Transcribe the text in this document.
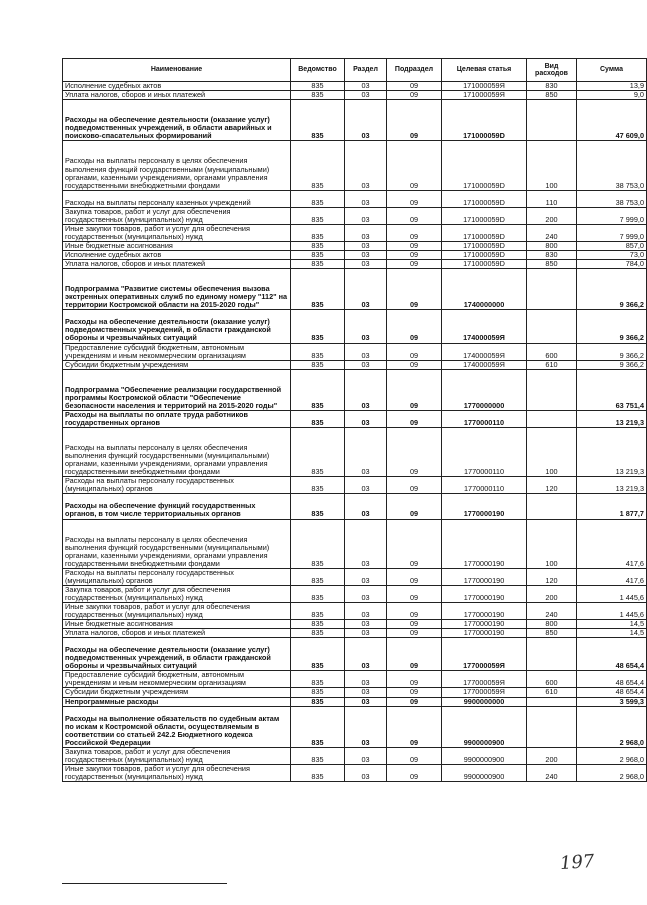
Наименование	Ведомство	Раздел	Подраздел	Целевая статья	Вид расходов	Сумма
Исполнение судебных актов	835	03	09	171000059Я	830	13,9
Уплата налогов, сборов и иных платежей	835	03	09	171000059Я	850	9,0
Расходы на обеспечение деятельности (оказание услуг) подведомственных учреждений, в области аварийных и поисково-спасательных формирований	835	03	09	171000059D		47 609,0
Расходы на выплаты персоналу в целях обеспечения выполнения функций государственными (муниципальными) органами, казенными учреждениями, органами управления государственными внебюджетными фондами	835	03	09	171000059D	100	38 753,0
Расходы на выплаты персоналу казенных учреждений	835	03	09	171000059D	110	38 753,0
Закупка товаров, работ и услуг для обеспечения государственных (муниципальных) нужд	835	03	09	171000059D	200	7 999,0
Иные закупки товаров, работ и услуг для обеспечения государственных (муниципальных) нужд	835	03	09	171000059D	240	7 999,0
Иные бюджетные ассигнования	835	03	09	171000059D	800	857,0
Исполнение судебных актов	835	03	09	171000059D	830	73,0
Уплата налогов, сборов и иных платежей	835	03	09	171000059D	850	784,0
Подпрограмма "Развитие системы обеспечения вызова экстренных оперативных служб по единому номеру "112" на территории Костромской области на 2015-2020 годы"	835	03	09	1740000000		9 366,2
Расходы на обеспечение деятельности (оказание услуг) подведомственных учреждений, в области гражданской обороны и чрезвычайных ситуаций	835	03	09	174000059Я		9 366,2
Предоставление субсидий бюджетным, автономным учреждениям и иным некоммерческим организациям	835	03	09	174000059Я	600	9 366,2
Субсидии бюджетным учреждениям	835	03	09	174000059Я	610	9 366,2
Подпрограмма "Обеспечение реализации государственной программы Костромской области "Обеспечение безопасности населения и территорий на 2015-2020 годы"	835	03	09	1770000000		63 751,4
Расходы на выплаты по оплате труда работников государственных органов	835	03	09	1770000110		13 219,3
Расходы на выплаты персоналу в целях обеспечения выполнения функций государственными (муниципальными) органами, казенными учреждениями, органами управления государственными внебюджетными фондами	835	03	09	1770000110	100	13 219,3
Расходы на выплаты персоналу государственных (муниципальных) органов	835	03	09	1770000110	120	13 219,3
Расходы на обеспечение функций государственных органов, в том числе территориальных органов	835	03	09	1770000190		1 877,7
Расходы на выплаты персоналу в целях обеспечения выполнения функций государственными (муниципальными) органами, казенными учреждениями, органами управления государственными внебюджетными фондами	835	03	09	1770000190	100	417,6
Расходы на выплаты персоналу государственных (муниципальных) органов	835	03	09	1770000190	120	417,6
Закупка товаров, работ и услуг для обеспечения государственных (муниципальных) нужд	835	03	09	1770000190	200	1 445,6
Иные закупки товаров, работ и услуг для обеспечения государственных (муниципальных) нужд	835	03	09	1770000190	240	1 445,6
Иные бюджетные ассигнования	835	03	09	1770000190	800	14,5
Уплата налогов, сборов и иных платежей	835	03	09	1770000190	850	14,5
Расходы на обеспечение деятельности (оказание услуг) подведомственных учреждений, в области гражданской обороны и чрезвычайных ситуаций	835	03	09	177000059Я		48 654,4
Предоставление субсидий бюджетным, автономным учреждениям и иным некоммерческим организациям	835	03	09	177000059Я	600	48 654,4
Субсидии бюджетным учреждениям	835	03	09	177000059Я	610	48 654,4
Непрограммные расходы	835	03	09	9900000000		3 599,3
Расходы на выполнение обязательств по судебным актам по искам к Костромской области, осуществляемым в соответствии со статьей 242.2 Бюджетного кодекса Российской Федерации	835	03	09	9900000900		2 968,0
Закупка товаров, работ и услуг для обеспечения государственных (муниципальных) нужд	835	03	09	9900000900	200	2 968,0
Иные закупки товаров, работ и услуг для обеспечения государственных (муниципальных) нужд	835	03	09	9900000900	240	2 968,0
197
